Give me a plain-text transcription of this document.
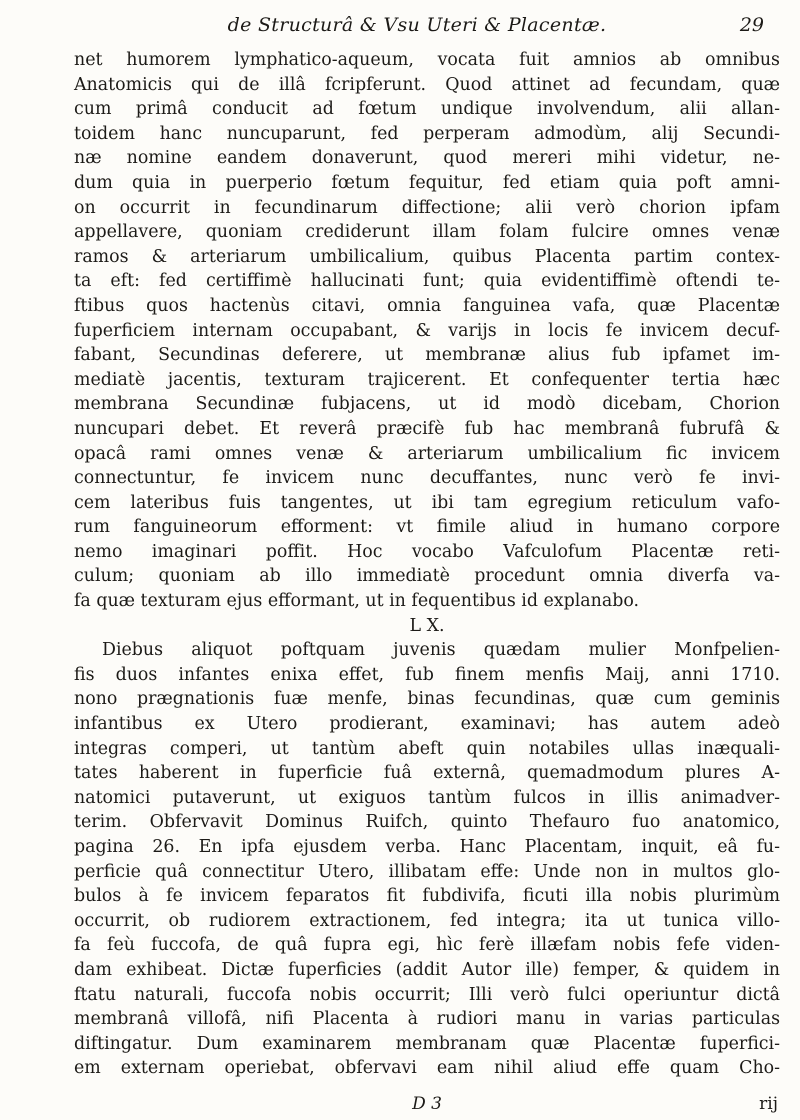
de Structurâ & Vsu Uteri & Placentæ.	29
net humorem lymphatico-aqueum, vocata fuit amnios ab omnibus
Anatomicis qui de illâ fcripferunt. Quod attinet ad fecundam, quæ
cum primâ conducit ad fœtum undique involvendum, alii allan-
toidem hanc nuncuparunt, fed perperam admodùm, alij Secundi-
næ nomine eandem donaverunt, quod mereri mihi videtur, ne-
dum quia in puerperio fœtum fequitur, fed etiam quia poft amni-
on occurrit in fecundinarum diffectione; alii verò chorion ipfam
appellavere, quoniam crediderunt illam folam fulcire omnes venæ
ramos & arteriarum umbilicalium, quibus Placenta partim contex-
ta eft: fed certiffimè hallucinati funt; quia evidentiffimè oftendi te-
ftibus quos hactenùs citavi, omnia fanguinea vafa, quæ Placentæ
fuperficiem internam occupabant, & varijs in locis fe invicem decuf-
fabant, Secundinas deferere, ut membranæ alius fub ipfamet im-
mediatè jacentis, texturam trajicerent. Et confequenter tertia hæc
membrana Secundinæ fubjacens, ut id modò dicebam, Chorion
nuncupari debet. Et reverâ præcifè fub hac membranâ fubrufâ &
opacâ rami omnes venæ & arteriarum umbilicalium fic invicem
connectuntur, fe invicem nunc decuffantes, nunc verò fe invi-
cem lateribus fuis tangentes, ut ibi tam egregium reticulum vafo-
rum fanguineorum efforment: vt fimile aliud in humano corpore
nemo imaginari poffit. Hoc vocabo Vafculofum Placentæ reti-
culum; quoniam ab illo immediatè procedunt omnia diverfa va-
fa quæ texturam ejus efformant, ut in fequentibus id explanabo.
L X.
Diebus aliquot poftquam juvenis quædam mulier Monfpelien-
fis duos infantes enixa effet, fub finem menfis Maij, anni 1710.
nono prægnationis fuæ menfe, binas fecundinas, quæ cum geminis
infantibus ex Utero prodierant, examinavi; has autem adeò
integras comperi, ut tantùm abeft quin notabiles ullas inæquali-
tates haberent in fuperficie fuâ externâ, quemadmodum plures A-
natomici putaverunt, ut exiguos tantùm fulcos in illis animadver-
terim. Obfervavit Dominus Ruifch, quinto Thefauro fuo anatomico,
pagina 26. En ipfa ejusdem verba. Hanc Placentam, inquit, eâ fu-
perficie quâ connectitur Utero, illibatam effe: Unde non in multos glo-
bulos à fe invicem feparatos fit fubdivifa, ficuti illa nobis plurimùm
occurrit, ob rudiorem extractionem, fed integra; ita ut tunica villo-
fa feù fuccofa, de quâ fupra egi, hìc ferè illæfam nobis fefe viden-
dam exhibeat. Dictæ fuperficies (addit Autor ille) femper, & quidem in
ftatu naturali, fuccofa nobis occurrit; Illi verò fulci operiuntur dictâ
membranâ villofâ, nifi Placenta à rudiori manu in varias particulas
diftingatur. Dum examinarem membranam quæ Placentæ fuperfici-
em externam operiebat, obfervavi eam nihil aliud effe quam Cho-
D 3	rij
